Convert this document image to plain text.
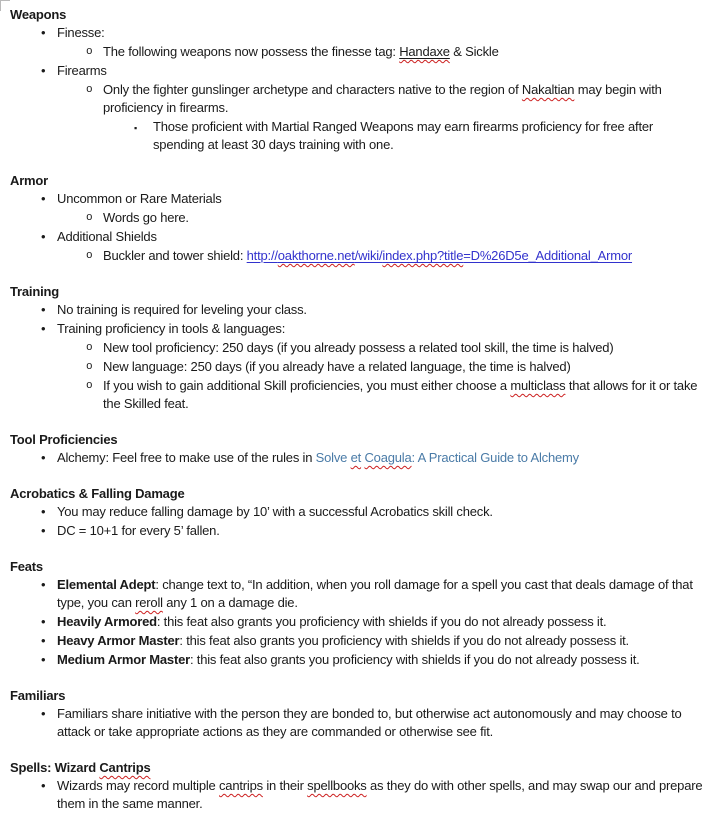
Weapons
• Finesse:
o The following weapons now possess the finesse tag: Handaxe & Sickle
• Firearms
o Only the fighter gunslinger archetype and characters native to the region of Nakaltian may begin with proficiency in firearms.
▪ Those proficient with Martial Ranged Weapons may earn firearms proficiency for free after spending at least 30 days training with one.
Armor
• Uncommon or Rare Materials
o Words go here.
• Additional Shields
o Buckler and tower shield: http://oakthorne.net/wiki/index.php?title=D%26D5e_Additional_Armor
Training
• No training is required for leveling your class.
• Training proficiency in tools & languages:
o New tool proficiency: 250 days (if you already possess a related tool skill, the time is halved)
o New language: 250 days (if you already have a related language, the time is halved)
o If you wish to gain additional Skill proficiencies, you must either choose a multiclass that allows for it or take the Skilled feat.
Tool Proficiencies
• Alchemy: Feel free to make use of the rules in Solve et Coagula: A Practical Guide to Alchemy
Acrobatics & Falling Damage
• You may reduce falling damage by 10’ with a successful Acrobatics skill check.
• DC = 10+1 for every 5’ fallen.
Feats
• Elemental Adept: change text to, “In addition, when you roll damage for a spell you cast that deals damage of that type, you can reroll any 1 on a damage die.
• Heavily Armored: this feat also grants you proficiency with shields if you do not already possess it.
• Heavy Armor Master: this feat also grants you proficiency with shields if you do not already possess it.
• Medium Armor Master: this feat also grants you proficiency with shields if you do not already possess it.
Familiars
• Familiars share initiative with the person they are bonded to, but otherwise act autonomously and may choose to attack or take appropriate actions as they are commanded or otherwise see fit.
Spells: Wizard Cantrips
• Wizards may record multiple cantrips in their spellbooks as they do with other spells, and may swap our and prepare them in the same manner.
